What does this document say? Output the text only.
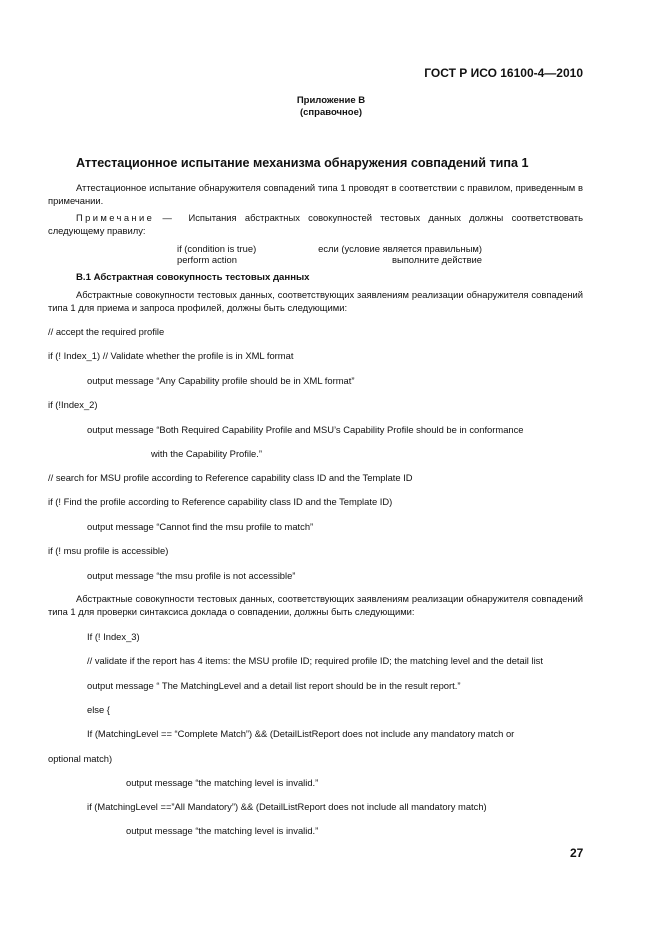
ГОСТ Р ИСО 16100-4—2010
Приложение В
(справочное)
Аттестационное испытание механизма обнаружения совпадений типа 1
Аттестационное испытание обнаружителя совпадений типа 1 проводят в соответствии с правилом, приведенным в примечании.
Примечание — Испытания абстрактных совокупностей тестовых данных должны соответствовать следующему правилу:
if (condition is true)
perform action
если (условие является правильным)
выполните действие
В.1 Абстрактная совокупность тестовых данных
Абстрактные совокупности тестовых данных, соответствующих заявлениям реализации обнаружителя совпадений типа 1 для приема и запроса профилей, должны быть следующими:
// accept the required profile
if (! Index_1) // Validate whether the profile is in XML format
output message “Any Capability profile should be in XML format”
if (!Index_2)
output message “Both Required Capability Profile and MSU’s Capability Profile should be in conformance
with the Capability Profile.”
// search for MSU profile according to Reference capability class ID and the Template ID
if (! Find the profile according to Reference capability class ID and the Template ID)
output message “Cannot find the msu profile to match”
if (! msu profile is accessible)
output message “the msu profile is not accessible”
Абстрактные совокупности тестовых данных, соответствующих заявлениям реализации обнаружителя совпадений типа 1 для проверки синтаксиса доклада о совпадении, должны быть следующими:
If (! Index_3)
// validate if the report has 4 items: the MSU profile ID; required profile ID; the matching level and the detail list
output message “ The MatchingLevel and a detail list report should be in the result report.”
else {
If (MatchingLevel == “Complete Match”) && (DetailListReport does not include any mandatory match or
optional match)
output message “the matching level is invalid.”
if (MatchingLevel ==”All Mandatory”) && (DetailListReport does not include all mandatory match)
output message “the matching level is invalid.”
27
